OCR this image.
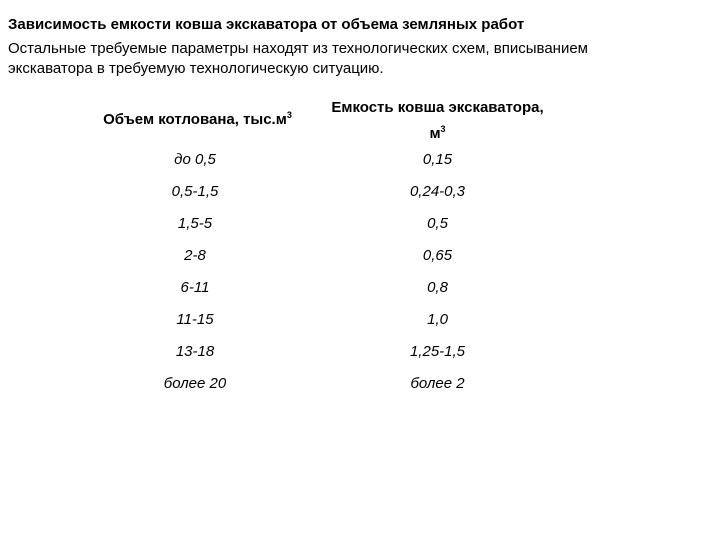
Зависимость емкости ковша экскаватора от объема земляных работ
Остальные требуемые параметры находят из технологических схем, вписыванием
экскаватора в требуемую технологическую ситуацию.
Объем котлована, $тыс.м^3$	Емкость ковша экскаватора,
$м^3$
до 0,5	0,15
0,5-1,5	0,24-0,3
1,5-5	0,5
2-8	0,65
6-11	0,8
11-15	1,0
13-18	1,25-1,5
более 20	более 2
